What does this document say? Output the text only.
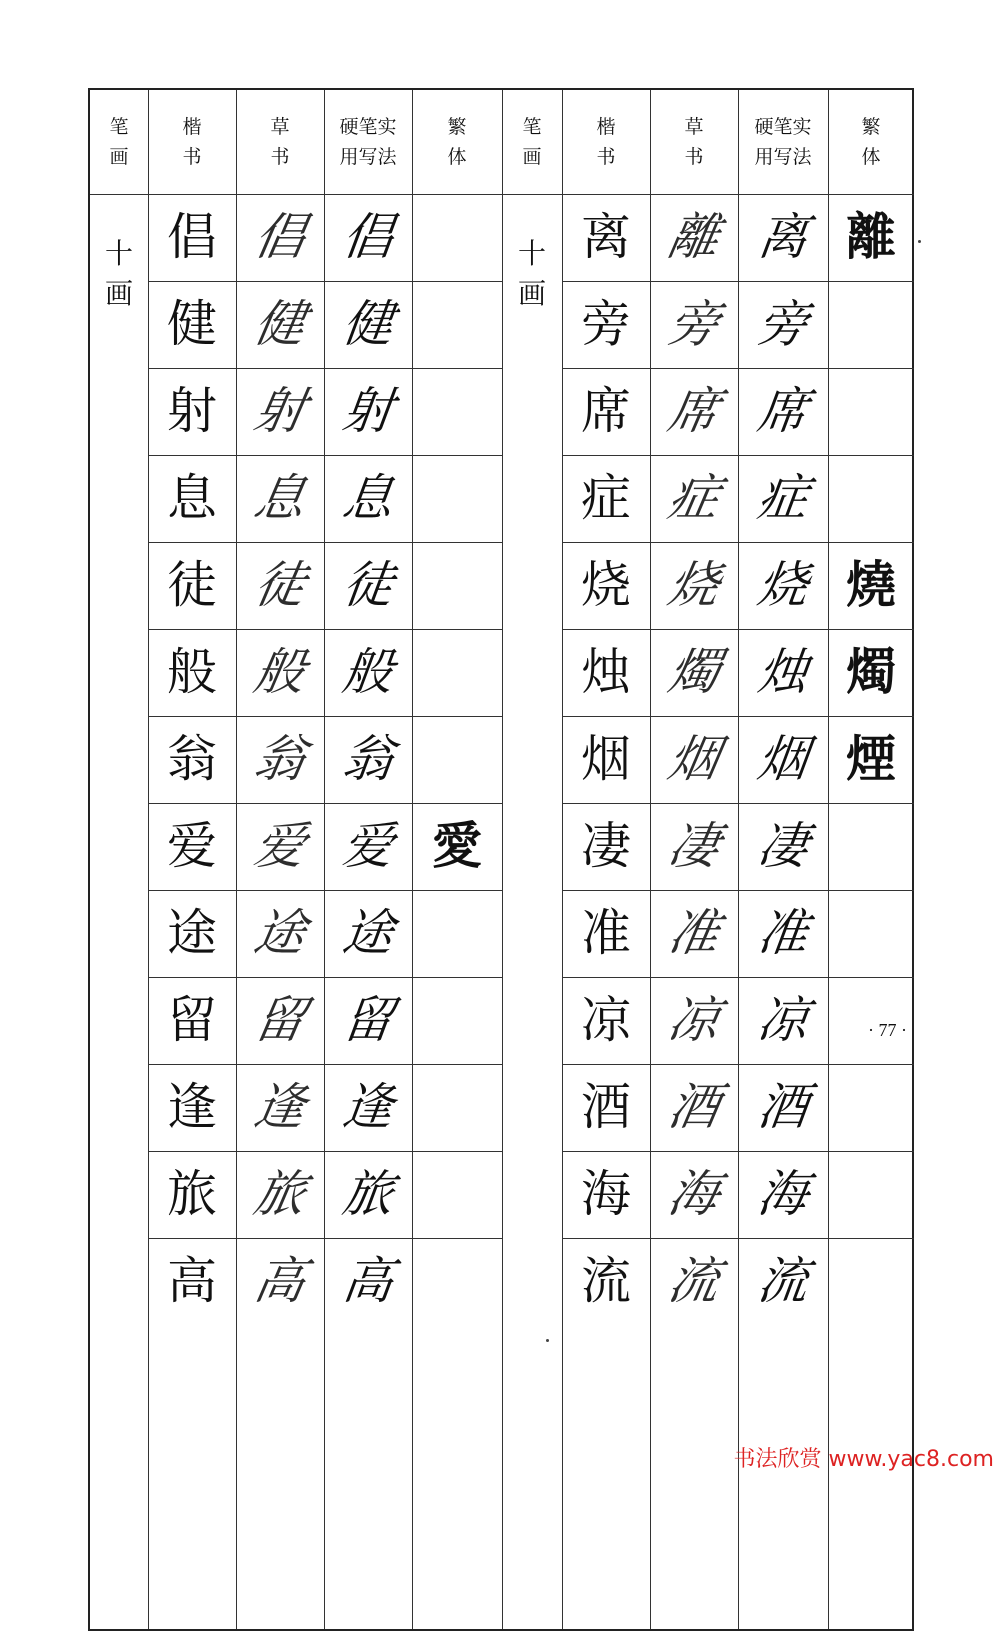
笔
画
楷
书
草
书
硬笔实
用写法
繁
体
笔
画
楷
书
草
书
硬笔实
用写法
繁
体
十
画
十
画
倡 倡 倡
健 健 健
射 射 射
息 息 息
徒 徒 徒
般 般 般
翁 翁 翁
爱 爱 爱 愛
途 途 途
留 留 留
逢 逢 逢
旅 旅 旅
高 高 高
离 離 离 離
旁 旁 旁
席 席 席
症 症 症
烧 烧 烧 燒
烛 燭 烛 燭
烟 烟 烟 煙
凄 凄 凄
准 准 准
凉 凉 凉
酒 酒 酒
海 海 海
流 流 流
· 77 ·
书法欣赏 www.yac8.com
